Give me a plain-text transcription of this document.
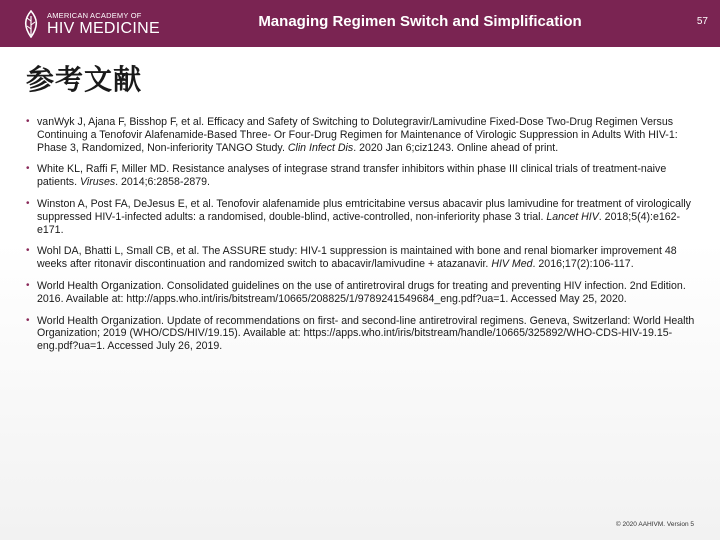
AMERICAN ACADEMY OF
HIV MEDICINE	Managing Regimen Switch and Simplification	57
参考文献
• vanWyk J, Ajana F, Bisshop F, et al. Efficacy and Safety of Switching to Dolutegravir/Lamivudine Fixed-Dose Two-Drug Regimen Versus Continuing a Tenofovir Alafenamide-Based Three- Or Four-Drug Regimen for Maintenance of Virologic Suppression in Adults With HIV-1: Phase 3, Randomized, Non-inferiority TANGO Study. Clin Infect Dis. 2020 Jan 6;ciz1243. Online ahead of print.
• White KL, Raffi F, Miller MD. Resistance analyses of integrase strand transfer inhibitors within phase III clinical trials of treatment-naive patients. Viruses. 2014;6:2858-2879.
• Winston A, Post FA, DeJesus E, et al. Tenofovir alafenamide plus emtricitabine versus abacavir plus lamivudine for treatment of virologically suppressed HIV-1-infected adults: a randomised, double-blind, active-controlled, non-inferiority phase 3 trial. Lancet HIV. 2018;5(4):e162-e171.
• Wohl DA, Bhatti L, Small CB, et al. The ASSURE study: HIV-1 suppression is maintained with bone and renal biomarker improvement 48 weeks after ritonavir discontinuation and randomized switch to abacavir/lamivudine + atazanavir. HIV Med. 2016;17(2):106-117.
• World Health Organization. Consolidated guidelines on the use of antiretroviral drugs for treating and preventing HIV infection. 2nd Edition. 2016. Available at: http://apps.who.int/iris/bitstream/10665/208825/1/9789241549684_eng.pdf?ua=1. Accessed May 25, 2020.
• World Health Organization. Update of recommendations on first- and second-line antiretroviral regimens. Geneva, Switzerland: World Health Organization; 2019 (WHO/CDS/HIV/19.15). Available at: https://apps.who.int/iris/bitstream/handle/10665/325892/WHO-CDS-HIV-19.15-eng.pdf?ua=1. Accessed July 26, 2019.
© 2020 AAHIVM. Version 5
